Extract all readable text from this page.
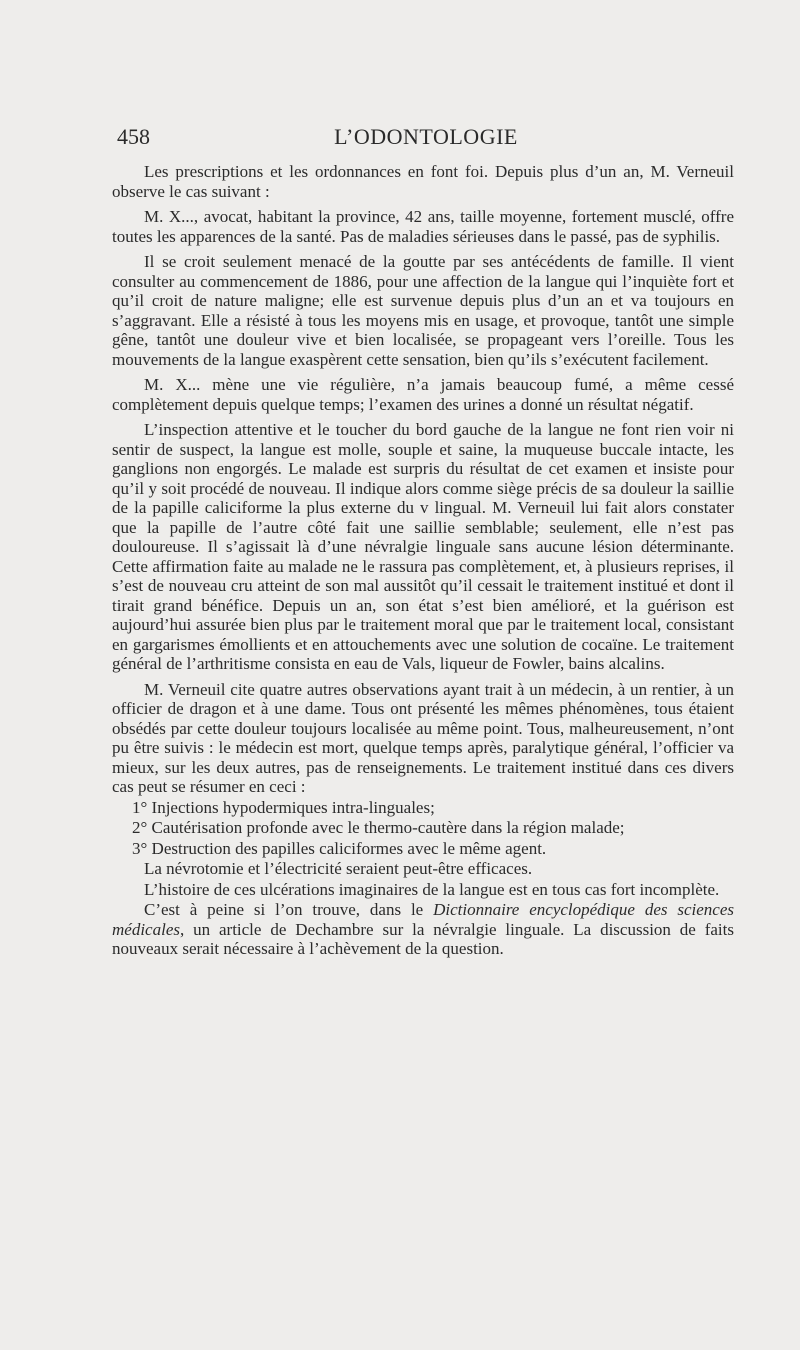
458	L’ODONTOLOGIE

Les prescriptions et les ordonnances en font foi. Depuis plus d’un an, M. Verneuil observe le cas suivant :

M. X..., avocat, habitant la province, 42 ans, taille moyenne, fortement musclé, offre toutes les apparences de la santé. Pas de maladies sérieuses dans le passé, pas de syphilis.

Il se croit seulement menacé de la goutte par ses antécédents de famille. Il vient consulter au commencement de 1886, pour une affection de la langue qui l’inquiète fort et qu’il croit de nature maligne; elle est survenue depuis plus d’un an et va toujours en s’aggravant. Elle a résisté à tous les moyens mis en usage, et provoque, tantôt une simple gêne, tantôt une douleur vive et bien localisée, se propageant vers l’oreille. Tous les mouvements de la langue exaspèrent cette sensation, bien qu’ils s’exécutent facilement.

M. X... mène une vie régulière, n’a jamais beaucoup fumé, a même cessé complètement depuis quelque temps; l’examen des urines a donné un résultat négatif.

L’inspection attentive et le toucher du bord gauche de la langue ne font rien voir ni sentir de suspect, la langue est molle, souple et saine, la muqueuse buccale intacte, les ganglions non engorgés. Le malade est surpris du résultat de cet examen et insiste pour qu’il y soit procédé de nouveau. Il indique alors comme siège précis de sa douleur la saillie de la papille caliciforme la plus externe du v lingual. M. Verneuil lui fait alors constater que la papille de l’autre côté fait une saillie semblable; seulement, elle n’est pas douloureuse. Il s’agissait là d’une névralgie linguale sans aucune lésion déterminante. Cette affirmation faite au malade ne le rassura pas complètement, et, à plusieurs reprises, il s’est de nouveau cru atteint de son mal aussitôt qu’il cessait le traitement institué et dont il tirait grand bénéfice. Depuis un an, son état s’est bien amélioré, et la guérison est aujourd’hui assurée bien plus par le traitement moral que par le traitement local, consistant en gargarismes émollients et en attouchements avec une solution de cocaïne. Le traitement général de l’arthritisme consista en eau de Vals, liqueur de Fowler, bains alcalins.

M. Verneuil cite quatre autres observations ayant trait à un médecin, à un rentier, à un officier de dragon et à une dame. Tous ont présenté les mêmes phénomènes, tous étaient obsédés par cette douleur toujours localisée au même point. Tous, malheureusement, n’ont pu être suivis : le médecin est mort, quelque temps après, paralytique général, l’officier va mieux, sur les deux autres, pas de renseignements. Le traitement institué dans ces divers cas peut se résumer en ceci :

1° Injections hypodermiques intra-linguales;

2° Cautérisation profonde avec le thermo-cautère dans la région malade;

3° Destruction des papilles caliciformes avec le même agent.

La névrotomie et l’électricité seraient peut-être efficaces.

L’histoire de ces ulcérations imaginaires de la langue est en tous cas fort incomplète.

C’est à peine si l’on trouve, dans le Dictionnaire encyclopédique des sciences médicales, un article de Dechambre sur la névralgie linguale. La discussion de faits nouveaux serait nécessaire à l’achèvement de la question.
